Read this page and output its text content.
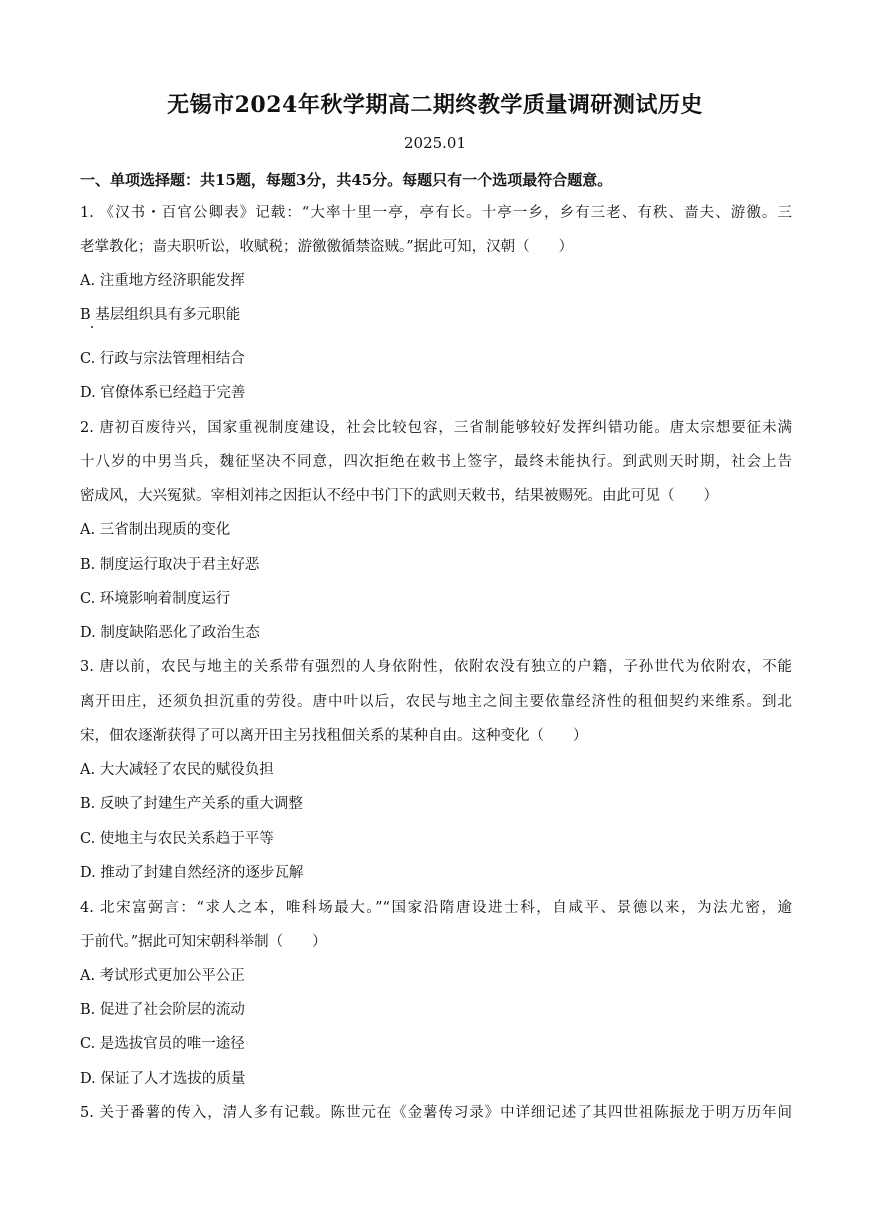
无锡市2024年秋学期高二期终教学质量调研测试历史
2025.01
一、单项选择题：共15题，每题3分，共45分。每题只有一个选项最符合题意。
1. 《汉书・百官公卿表》记载：“大率十里一亭，亭有长。十亭一乡，乡有三老、有秩、啬夫、游徼。三
老掌教化；啬夫职听讼，收赋税；游徼徼循禁盗贼。”据此可知，汉朝（　　）
A. 注重地方经济职能发挥
B 基层组织具有多元职能
C. 行政与宗法管理相结合
D. 官僚体系已经趋于完善
2. 唐初百废待兴，国家重视制度建设，社会比较包容，三省制能够较好发挥纠错功能。唐太宗想要征未满
十八岁的中男当兵，魏征坚决不同意，四次拒绝在敕书上签字，最终未能执行。到武则天时期，社会上告
密成风，大兴冤狱。宰相刘祎之因拒认不经中书门下的武则天敕书，结果被赐死。由此可见（　　）
A. 三省制出现质的变化
B. 制度运行取决于君主好恶
C. 环境影响着制度运行
D. 制度缺陷恶化了政治生态
3. 唐以前，农民与地主的关系带有强烈的人身依附性，依附农没有独立的户籍，子孙世代为依附农，不能
离开田庄，还须负担沉重的劳役。唐中叶以后，农民与地主之间主要依靠经济性的租佃契约来维系。到北
宋，佃农逐渐获得了可以离开田主另找租佃关系的某种自由。这种变化（　　）
A. 大大减轻了农民的赋役负担
B. 反映了封建生产关系的重大调整
C. 使地主与农民关系趋于平等
D. 推动了封建自然经济的逐步瓦解
4. 北宋富弼言：“求人之本，唯科场最大。”“国家沿隋唐设进士科，自咸平、景德以来，为法尤密，逾
于前代。”据此可知宋朝科举制（　　）
A. 考试形式更加公平公正
B. 促进了社会阶层的流动
C. 是选拔官员的唯一途径
D. 保证了人才选拔的质量
5. 关于番薯的传入，清人多有记载。陈世元在《金薯传习录》中详细记述了其四世祖陈振龙于明万历年间
